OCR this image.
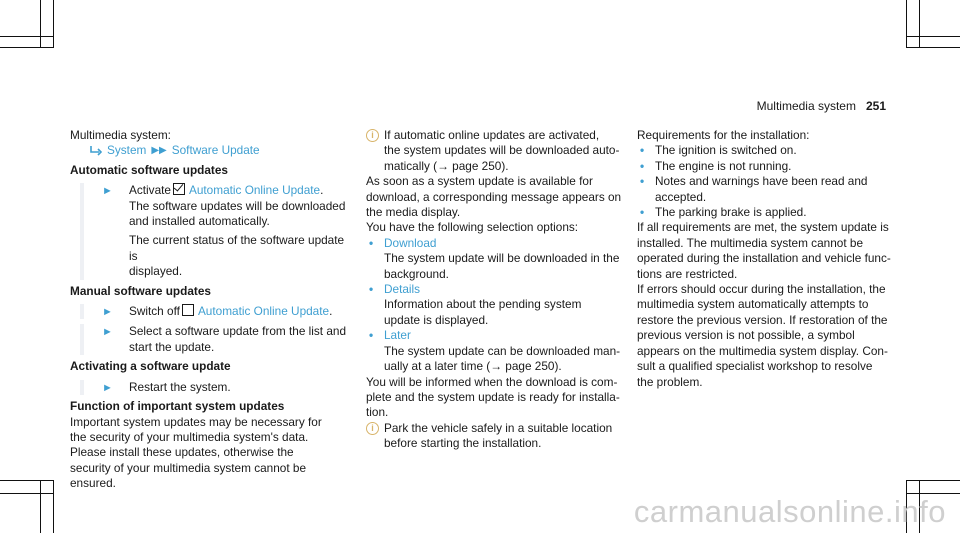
Multimedia system 251

Multimedia system:

System ▶▶ Software Update

Automatic software updates

► Activate Automatic Online Update.
The software updates will be downloaded
and installed automatically.

The current status of the software update is
displayed.

Manual software updates

► Switch off Automatic Online Update.

► Select a software update from the list and
start the update.

Activating a software update

► Restart the system.

Function of important system updates

Important system updates may be necessary for
the security of your multimedia system's data.
Please install these updates, otherwise the
security of your multimedia system cannot be
ensured.

i If automatic online updates are activated,
the system updates will be downloaded auto-
matically (→ page 250).

As soon as a system update is available for
download, a corresponding message appears on
the media display.

You have the following selection options:

• Download

The system update will be downloaded in the
background.

• Details

Information about the pending system
update is displayed.

• Later

The system update can be downloaded man-
ually at a later time (→ page 250).

You will be informed when the download is com-
plete and the system update is ready for installa-
tion.

i Park the vehicle safely in a suitable location
before starting the installation.

Requirements for the installation:

• The ignition is switched on.

• The engine is not running.

• Notes and warnings have been read and
accepted.

• The parking brake is applied.

If all requirements are met, the system update is
installed. The multimedia system cannot be
operated during the installation and vehicle func-
tions are restricted.

If errors should occur during the installation, the
multimedia system automatically attempts to
restore the previous version. If restoration of the
previous version is not possible, a symbol
appears on the multimedia system display. Con-
sult a qualified specialist workshop to resolve
the problem.

carmanualsonline.info
